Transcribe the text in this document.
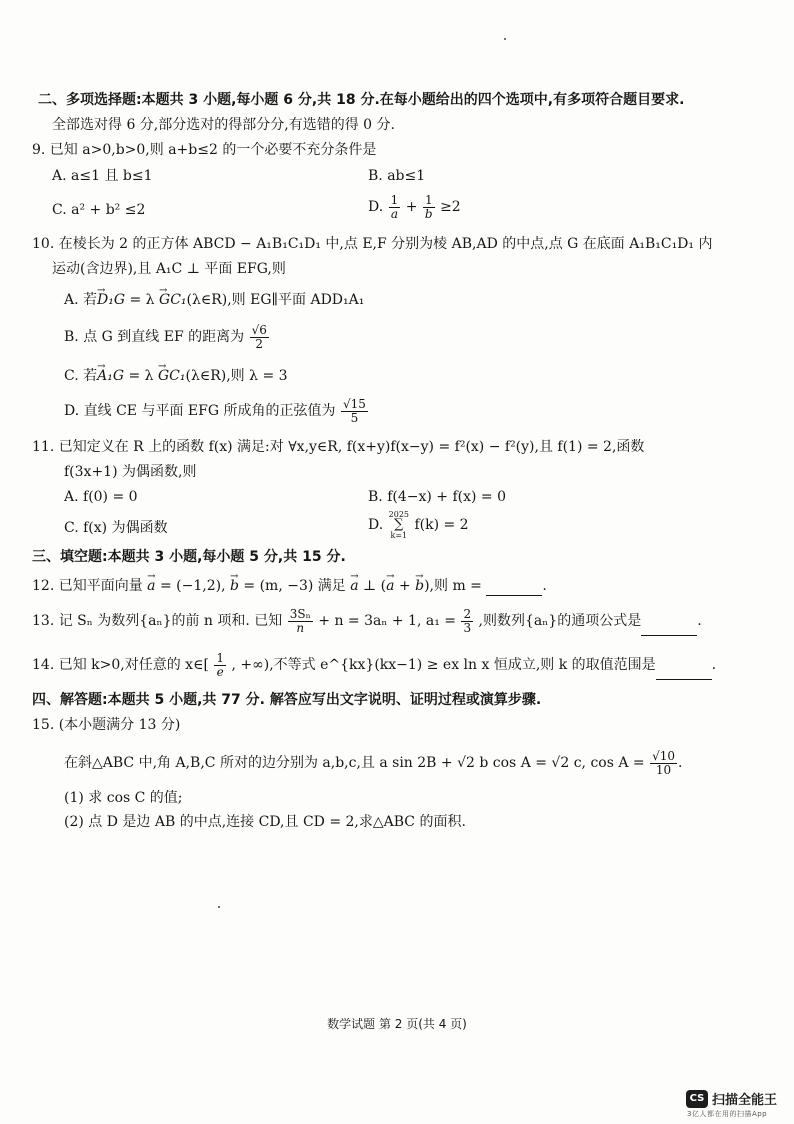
二、多项选择题:本题共 3 小题,每小题 6 分,共 18 分.在每小题给出的四个选项中,有多项符合题目要求.
全部选对得 6 分,部分选对的得部分分,有选错的得 0 分.
9. 已知 a>0,b>0,则 a+b≤2 的一个必要不充分条件是
A. a≤1 且 b≤1	B. ab≤1
C. a² + b² ≤2	D. $\frac{1}{a} + \frac{1}{b} \ge 2$
10. 在棱长为 2 的正方体 ABCD − A₁B₁C₁D₁ 中,点 E,F 分别为棱 AB,AD 的中点,点 G 在底面 A₁B₁C₁D₁ 内
运动(含边界),且 A₁C ⊥ 平面 EFG,则
A. 若→ D₁G = λ → GC₁(λ∈R),则 EG∥平面 ADD₁A₁
B. 点 G 到直线 EF 的距离为 $\frac{√6}{2}$
C. 若→ A₁G = λ → GC₁(λ∈R),则 λ = 3
D. 直线 CE 与平面 EFG 所成角的正弦值为 $\frac{√15}{5}$
11. 已知定义在 R 上的函数 f(x) 满足:对 ∀x,y∈R, f(x+y)f(x−y) = f²(x) − f²(y),且 f(1) = 2,函数
f(3x+1) 为偶函数,则
A. f(0) = 0	B. f(4−x) + f(x) = 0
C. f(x) 为偶函数	D.
2025
∑
k=1
f(k) = 2
三、填空题:本题共 3 小题,每小题 5 分,共 15 分.
12. 已知平面向量 → a = (−1,2), → b = (m, −3) 满足 → a ⊥ (→ a + → b),则 m =	.
13. 记 Sₙ 为数列{aₙ}的前 n 项和. 已知 $\frac{\text{3Sₙ}}{n} + n = 3a_n + 1$, $a_1 = \frac{2}{3}$ ,则数列{aₙ}的通项公式是	.
14. 已知 k>0,对任意的 x∈[ $\frac{1}{e}$ , +∞),不等式 e^{kx}(kx−1) ≥ ex ln x 恒成立,则 k 的取值范围是	.
四、解答题:本题共 5 小题,共 77 分. 解答应写出文字说明、证明过程或演算步骤.
15. (本小题满分 13 分)
在斜△ABC 中,角 A,B,C 所对的边分别为 a,b,c,且 a sin 2B + √2 b cos A = √2 c, $\cos A = \frac{√10}{10}$ .
(1) 求 cos C 的值;
(2) 点 D 是边 AB 的中点,连接 CD,且 CD = 2,求△ABC 的面积.
数学试题 第 2 页(共 4 页)
CS 扫描全能王
3亿人都在用的扫描App
